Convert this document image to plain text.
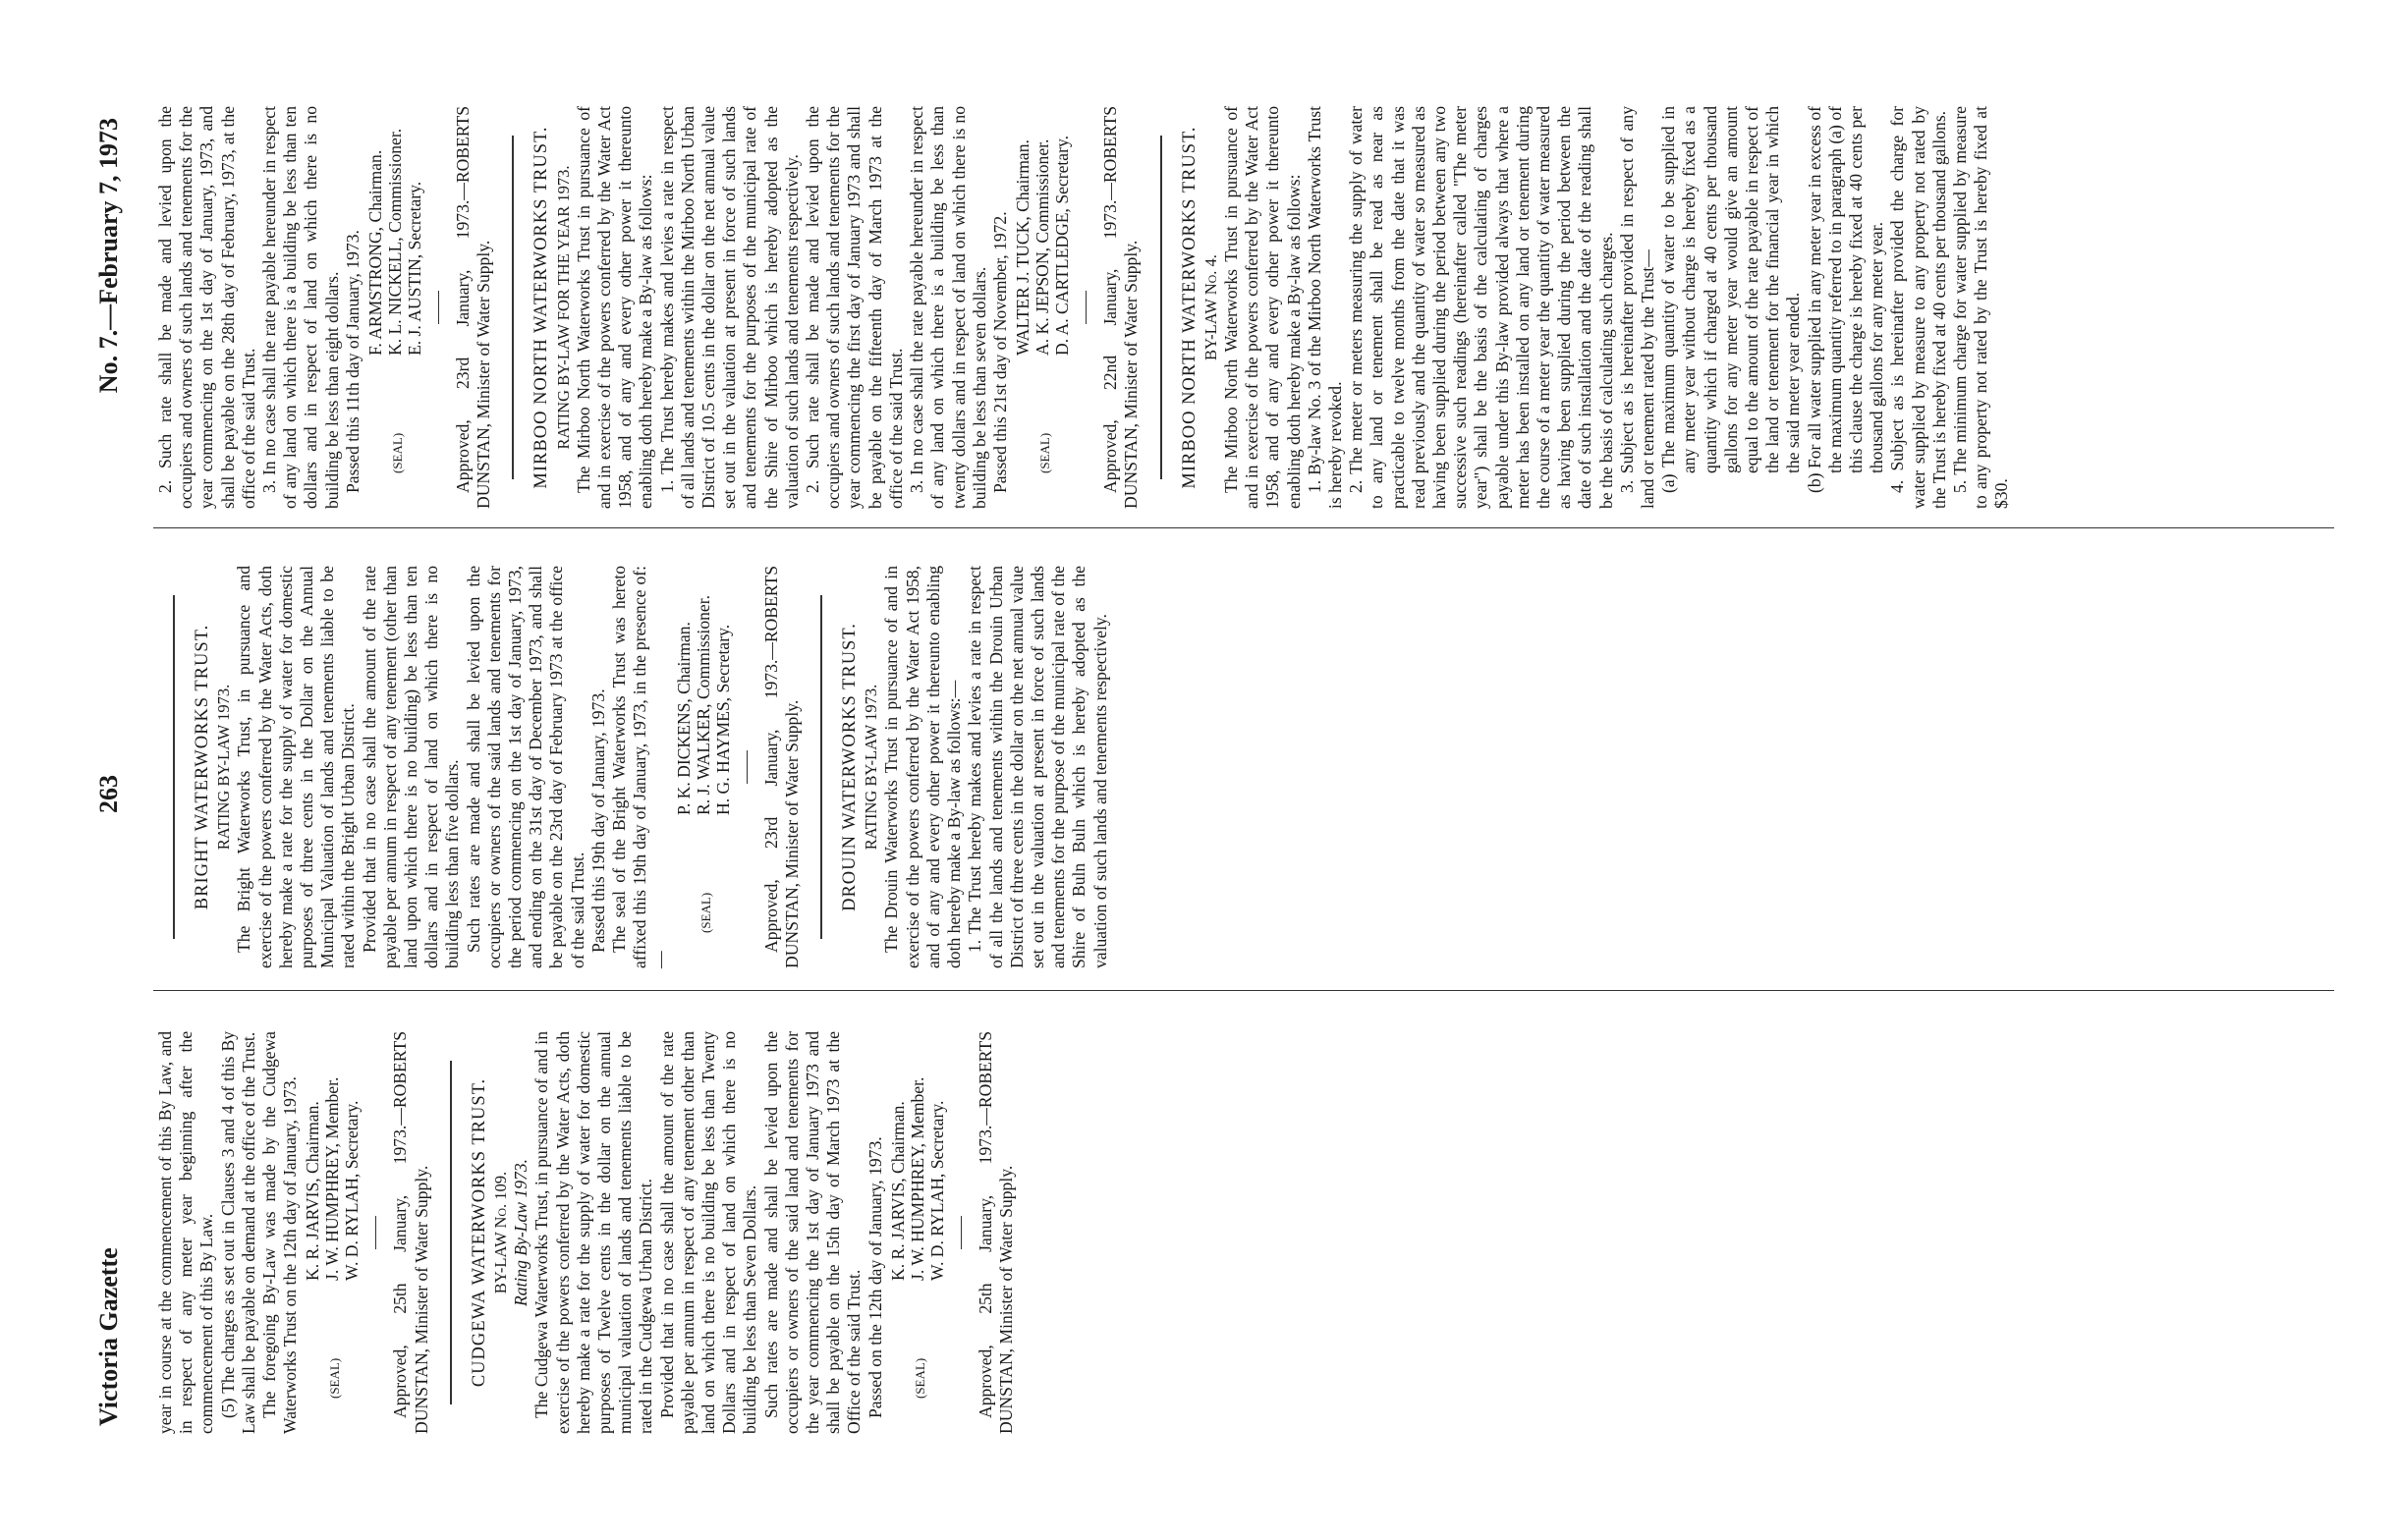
Victoria Gazette
263
No. 7.—February 7, 1973

year in course at the commencement of this By Law, and in respect of any meter year beginning after the commencement of this By Law. (5) The charges as set out in Clauses 3 and 4 of this By Law shall be payable on demand at the office of the Trust. The foregoing By-Law was made by the Cudgewa Waterworks Trust on the 12th day of January, 1973.	(SEAL)
K. R. JARVIS, Chairman. J. W. HUMPHREY, Member. W. D. RYLAH, Secretary. Approved, 25th January, 1973.—ROBERTS DUNSTAN, Minister of Water Supply. CUDGEWA WATERWORKS TRUST. BY-LAW No. 109. Rating By-Law 1973. The Cudgewa Waterworks Trust, in pursuance of and in exercise of the powers conferred by the Water Acts, doth hereby make a rate for the supply of water for domestic purposes of Twelve cents in the dollar on the annual municipal valuation of lands and tenements liable to be rated in the Cudgewa Urban District. Provided that in no case shall the amount of the rate payable per annum in respect of any tenement other than land on which there is no building be less than Twenty Dollars and in respect of land on which there is no building be less than Seven Dollars. Such rates are made and shall be levied upon the occupiers or owners of the said land and tenements for the year commencing the 1st day of January 1973 and shall be payable on the 15th day of March 1973 at the Office of the said Trust. Passed on the 12th day of January, 1973.	(SEAL)
K. R. JARVIS, Chairman. J. W. HUMPHREY, Member. W. D. RYLAH, Secretary. Approved, 25th January, 1973.—ROBERTS DUNSTAN, Minister of Water Supply.

BRIGHT WATERWORKS TRUST. RATING BY-LAW 1973. The Bright Waterworks Trust, in pursuance and exercise of the powers conferred by the Water Acts, doth hereby make a rate for the supply of water for domestic purposes of three cents in the Dollar on the Annual Municipal Valuation of lands and tenements liable to be rated within the Bright Urban District. Provided that in no case shall the amount of the rate payable per annum in respect of any tenement (other than land upon which there is no building) be less than ten dollars and in respect of land on which there is no building less than five dollars. Such rates are made and shall be levied upon the occupiers or owners of the said lands and tenements for the period commencing on the 1st day of January, 1973, and ending on the 31st day of December 1973, and shall be payable on the 23rd day of February 1973 at the office of the said Trust. Passed this 19th day of January, 1973. The seal of the Bright Waterworks Trust was hereto affixed this 19th day of January, 1973, in the presence of:—

(SEAL)
P. K. DICKENS, Chairman. R. J. WALKER, Commissioner. H. G. HAYMES, Secretary. Approved, 23rd January, 1973.—ROBERTS DUNSTAN, Minister of Water Supply. DROUIN WATERWORKS TRUST. RATING BY-LAW 1973. The Drouin Waterworks Trust in pursuance of and in exercise of the powers conferred by the Water Act 1958, and of any and every other power it thereunto enabling doth hereby make a By-law as follows:— 1. The Trust hereby makes and levies a rate in respect of all the lands and tenements within the Drouin Urban District of three cents in the dollar on the net annual value set out in the valuation at present in force of such lands and tenements for the purpose of the municipal rate of the Shire of Buln Buln which is hereby adopted as the valuation of such lands and tenements respectively.

2. Such rate shall be made and levied upon the occupiers and owners of such lands and tenements for the year commencing on the 1st day of January, 1973, and shall be payable on the 28th day of February, 1973, at the office of the said Trust. 3. In no case shall the rate payable hereunder in respect of any land on which there is a building be less than ten dollars and in respect of land on which there is no building be less than eight dollars. Passed this 11th day of January, 1973.	(SEAL)
F. ARMSTRONG, Chairman. K. L. NICKELL, Commissioner. E. J. AUSTIN, Secretary. Approved, 23rd January, 1973.—ROBERTS DUNSTAN, Minister of Water Supply. MIRBOO NORTH WATERWORKS TRUST. RATING BY-LAW FOR THE YEAR 1973. The Mirboo North Waterworks Trust in pursuance of and in exercise of the powers conferred by the Water Act 1958, and of any and every other power it thereunto enabling doth hereby make a By-law as follows: 1. The Trust hereby makes and levies a rate in respect of all lands and tenements within the Mirboo North Urban District of 10.5 cents in the dollar on the net annual value set out in the valuation at present in force of such lands and tenements for the purposes of the municipal rate of the Shire of Mirboo which is hereby adopted as the valuation of such lands and tenements respectively. 2. Such rate shall be made and levied upon the occupiers and owners of such lands and tenements for the year commencing the first day of January 1973 and shall be payable on the fifteenth day of March 1973 at the office of the said Trust. 3. In no case shall the rate payable hereunder in respect of any land on which there is a building be less than twenty dollars and in respect of land on which there is no building be less than seven dollars. Passed this 21st day of November, 1972.	(SEAL)
WALTER J. TUCK, Chairman. A. K. JEPSON, Commissioner. D. A. CARTLEDGE, Secretary. Approved, 22nd January, 1973.—ROBERTS DUNSTAN, Minister of Water Supply. MIRBOO NORTH WATERWORKS TRUST. BY-LAW No. 4. The Mirboo North Waterworks Trust in pursuance of and in exercise of the powers conferred by the Water Act 1958, and of any and every other power it thereunto enabling doth hereby make a By-law as follows: 1. By-law No. 3 of the Mirboo North Waterworks Trust is hereby revoked. 2. The meter or meters measuring the supply of water to any land or tenement shall be read as near as practicable to twelve months from the date that it was read previously and the quantity of water so measured as having been supplied during the period between any two successive such readings (hereinafter called "The meter year") shall be the basis of the calculating of charges payable under this By-law provided always that where a meter has been installed on any land or tenement during the course of a meter year the quantity of water measured as having been supplied during the period between the date of such installation and the date of the reading shall be the basis of calculating such charges. 3. Subject as is hereinafter provided in respect of any land or tenement rated by the Trust— (a) The maximum quantity of water to be supplied in any meter year without charge is hereby fixed as a quantity which if charged at 40 cents per thousand gallons for any meter year would give an amount equal to the amount of the rate payable in respect of the land or tenement for the financial year in which the said meter year ended. (b) For all water supplied in any meter year in excess of the maximum quantity referred to in paragraph (a) of this clause the charge is hereby fixed at 40 cents per thousand gallons for any meter year. 4. Subject as is hereinafter provided the charge for water supplied by measure to any property not rated by the Trust is hereby fixed at 40 cents per thousand gallons. 5. The minimum charge for water supplied by measure to any property not rated by the Trust is hereby fixed at $30.
